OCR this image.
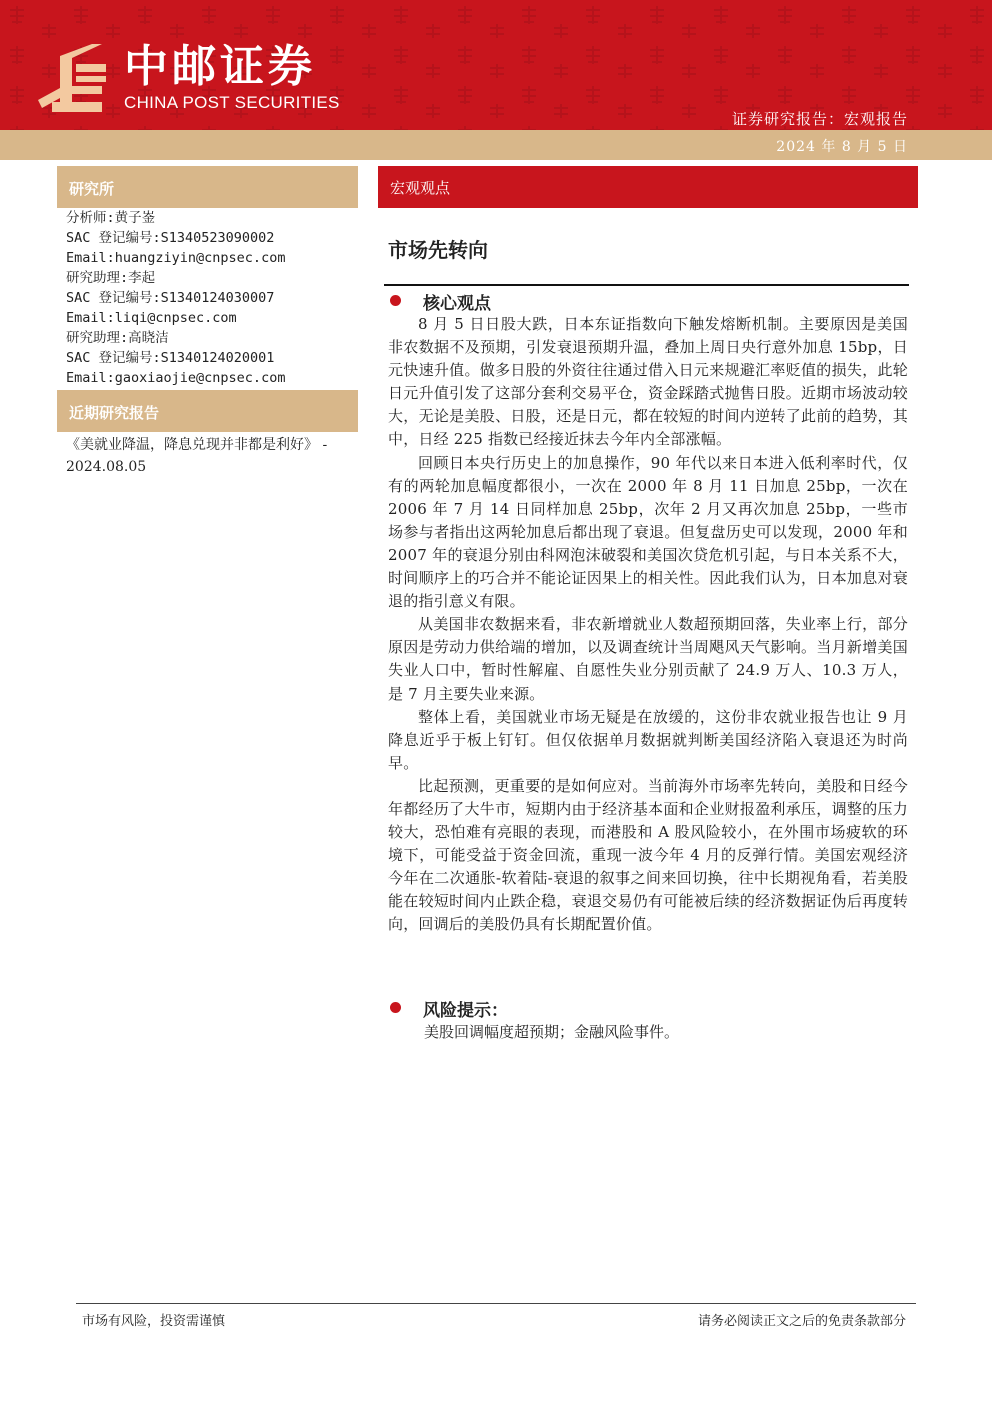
中邮证券
CHINA POST SECURITIES
证券研究报告：宏观报告
2024 年 8 月 5 日
研究所
分析师:黄子崟
SAC 登记编号:S1340523090002
Email:huangziyin@cnpsec.com
研究助理:李起
SAC 登记编号:S1340124030007
Email:liqi@cnpsec.com
研究助理:高晓洁
SAC 登记编号:S1340124020001
Email:gaoxiaojie@cnpsec.com
近期研究报告
《美就业降温，降息兑现并非都是利好》 - 2024.08.05
宏观观点
市场先转向
核心观点

8 月 5 日日股大跌，日本东证指数向下触发熔断机制。主要原因是美国非农数据不及预期，引发衰退预期升温，叠加上周日央行意外加息 15bp，日元快速升值。做多日股的外资往往通过借入日元来规避汇率贬值的损失，此轮日元升值引发了这部分套利交易平仓，资金踩踏式抛售日股。近期市场波动较大，无论是美股、日股，还是日元，都在较短的时间内逆转了此前的趋势，其中，日经 225 指数已经接近抹去今年内全部涨幅。

回顾日本央行历史上的加息操作，90 年代以来日本进入低利率时代，仅有的两轮加息幅度都很小，一次在 2000 年 8 月 11 日加息 25bp，一次在 2006 年 7 月 14 日同样加息 25bp，次年 2 月又再次加息 25bp，一些市场参与者指出这两轮加息后都出现了衰退。但复盘历史可以发现，2000 年和 2007 年的衰退分别由科网泡沫破裂和美国次贷危机引起，与日本关系不大，时间顺序上的巧合并不能论证因果上的相关性。因此我们认为，日本加息对衰退的指引意义有限。

从美国非农数据来看，非农新增就业人数超预期回落，失业率上行，部分原因是劳动力供给端的增加，以及调查统计当周飓风天气影响。当月新增美国失业人口中，暂时性解雇、自愿性失业分别贡献了 24.9 万人、10.3 万人，是 7 月主要失业来源。

整体上看，美国就业市场无疑是在放缓的，这份非农就业报告也让 9 月降息近乎于板上钉钉。但仅依据单月数据就判断美国经济陷入衰退还为时尚早。

比起预测，更重要的是如何应对。当前海外市场率先转向，美股和日经今年都经历了大牛市，短期内由于经济基本面和企业财报盈利承压，调整的压力较大，恐怕难有亮眼的表现，而港股和 A 股风险较小，在外围市场疲软的环境下，可能受益于资金回流，重现一波今年 4 月的反弹行情。美国宏观经济今年在二次通胀-软着陆-衰退的叙事之间来回切换，往中长期视角看，若美股能在较短时间内止跌企稳，衰退交易仍有可能被后续的经济数据证伪后再度转向，回调后的美股仍具有长期配置价值。

风险提示：
美股回调幅度超预期；金融风险事件。
市场有风险，投资需谨慎	请务必阅读正文之后的免责条款部分
